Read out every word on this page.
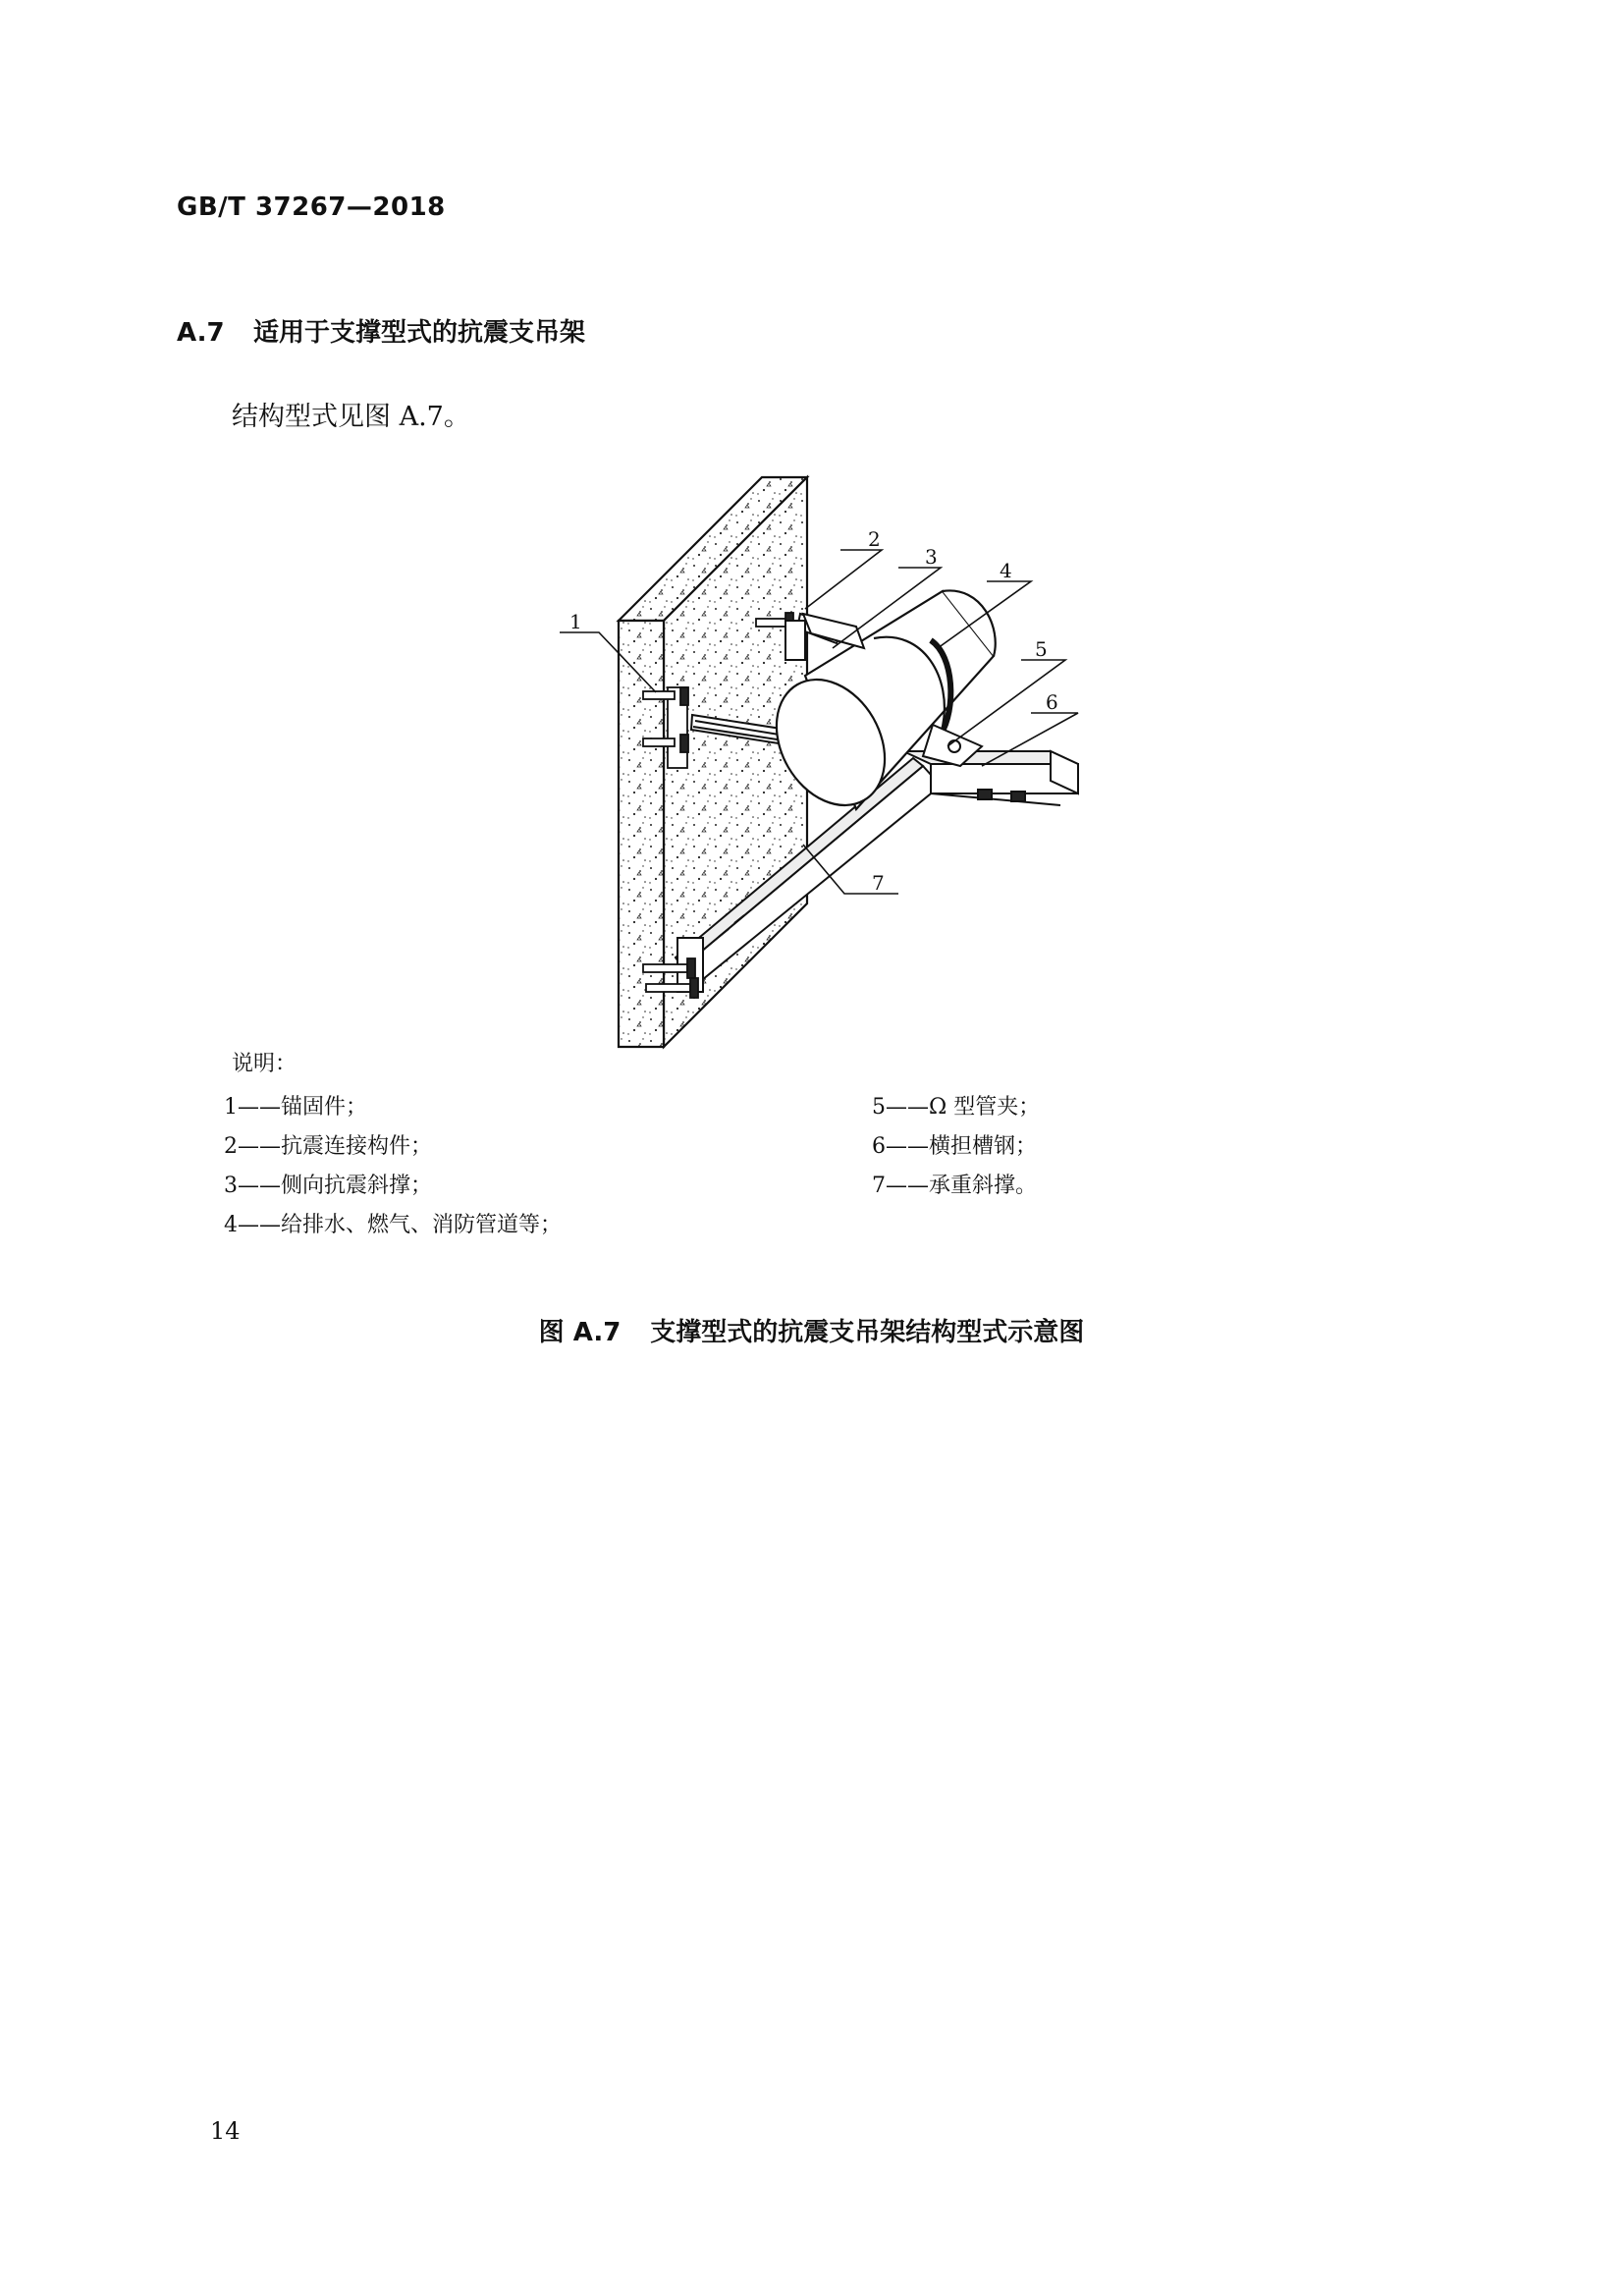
GB/T 37267—2018
A.7 适用于支撑型式的抗震支吊架
结构型式见图 A.7。
1
2
3
4
5
6
7
说明：
1——锚固件；
2——抗震连接构件；
3——侧向抗震斜撑；
4——给排水、燃气、消防管道等；
5——Ω 型管夹；
6——横担槽钢；
7——承重斜撑。
图 A.7 支撑型式的抗震支吊架结构型式示意图
14
